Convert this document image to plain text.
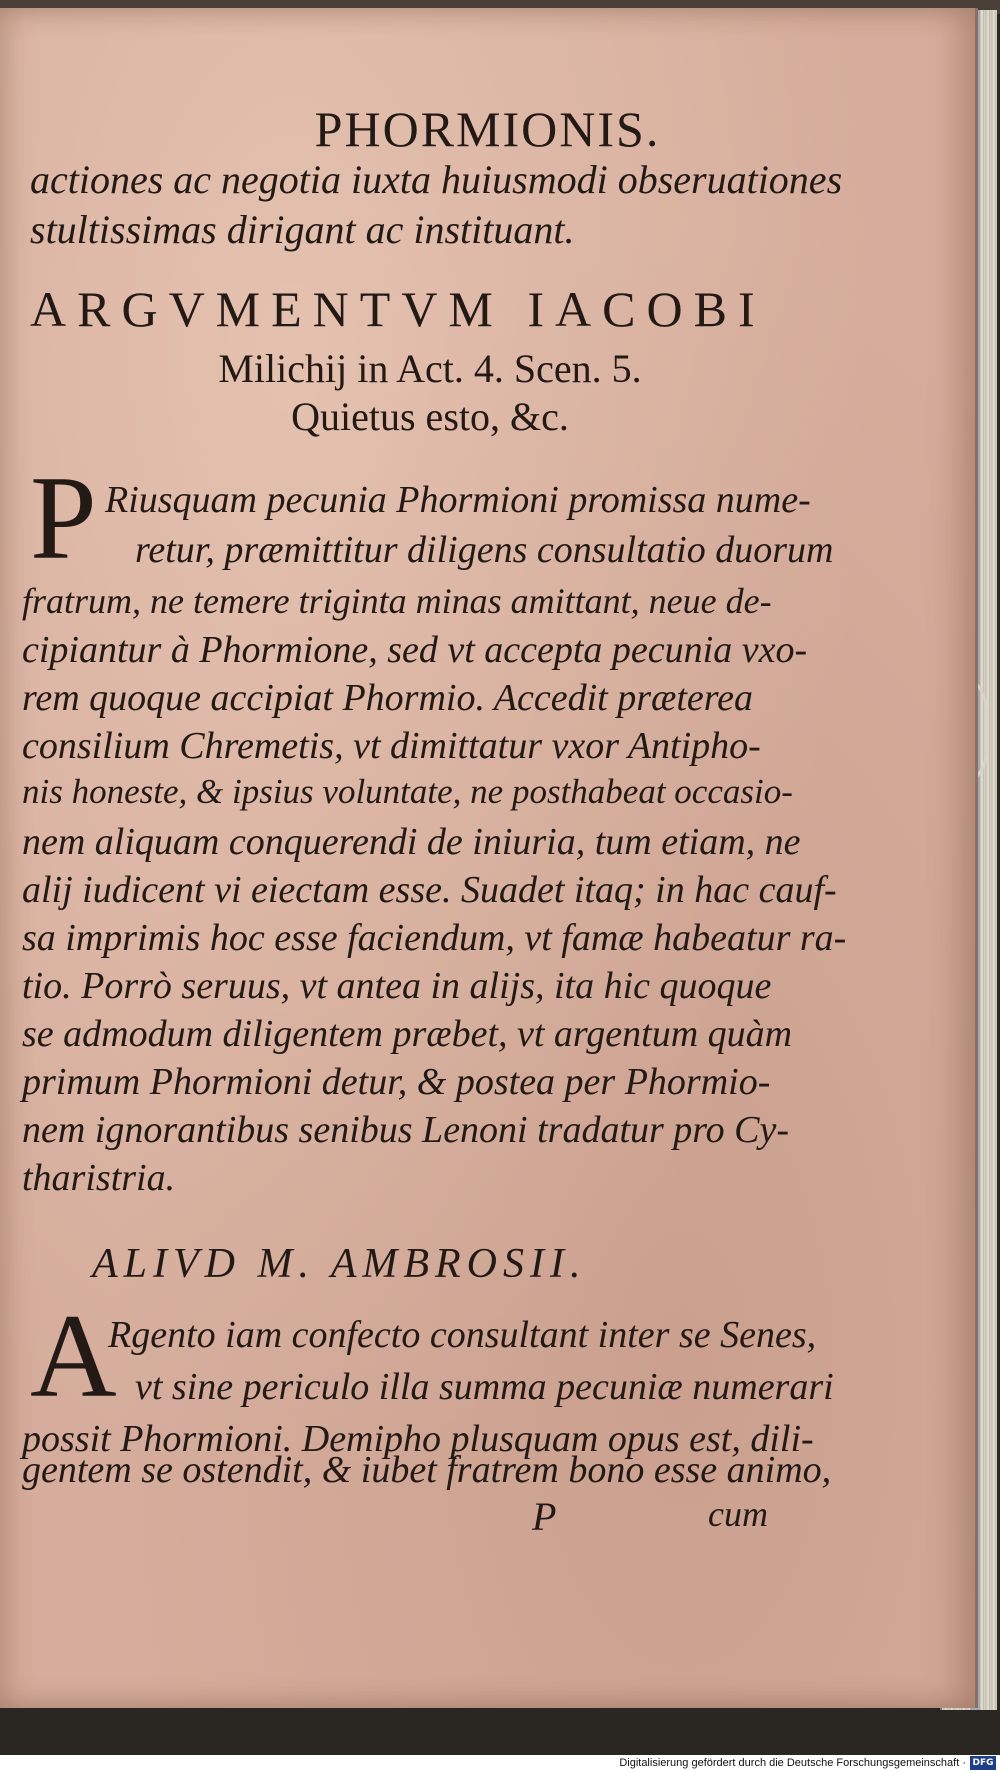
PHORMIONIS.
actiones ac negotia iuxta huiusmodi obseruationes
stultissimas dirigant ac instituant.
ARGVMENTVM IACOBI
Milichij in Act. 4. Scen. 5.
Quietus esto, &c.
P Riusquam pecunia Phormioni promissa nume-
retur, præmittitur diligens consultatio duorum
fratrum, ne temere triginta minas amittant, neue de-
cipiantur à Phormione, sed vt accepta pecunia vxo-
rem quoque accipiat Phormio. Accedit præterea
consilium Chremetis, vt dimittatur vxor Antipho-
nis honeste, & ipsius voluntate, ne posthabeat occasio-
nem aliquam conquerendi de iniuria, tum etiam, ne
alij iudicent vi eiectam esse. Suadet itaq; in hac cauf-
sa imprimis hoc esse faciendum, vt famæ habeatur ra-
tio. Porrò seruus, vt antea in alijs, ita hic quoque
se admodum diligentem præbet, vt argentum quàm
primum Phormioni detur, & postea per Phormio-
nem ignorantibus senibus Lenoni tradatur pro Cy-
ALIVD M. AMBROSII.
A
Rgento iam confecto consultant inter se Senes,
vt sine periculo illa summa pecuniæ numerari
possit Phormioni. Demipho plusquam opus est, dili-
gentem se ostendit, & iubet fratrem bono esse animo,
P	cum
tharistria.
Digitalisierung gefördert durch die Deutsche Forschungsgemeinschaft · DFG
